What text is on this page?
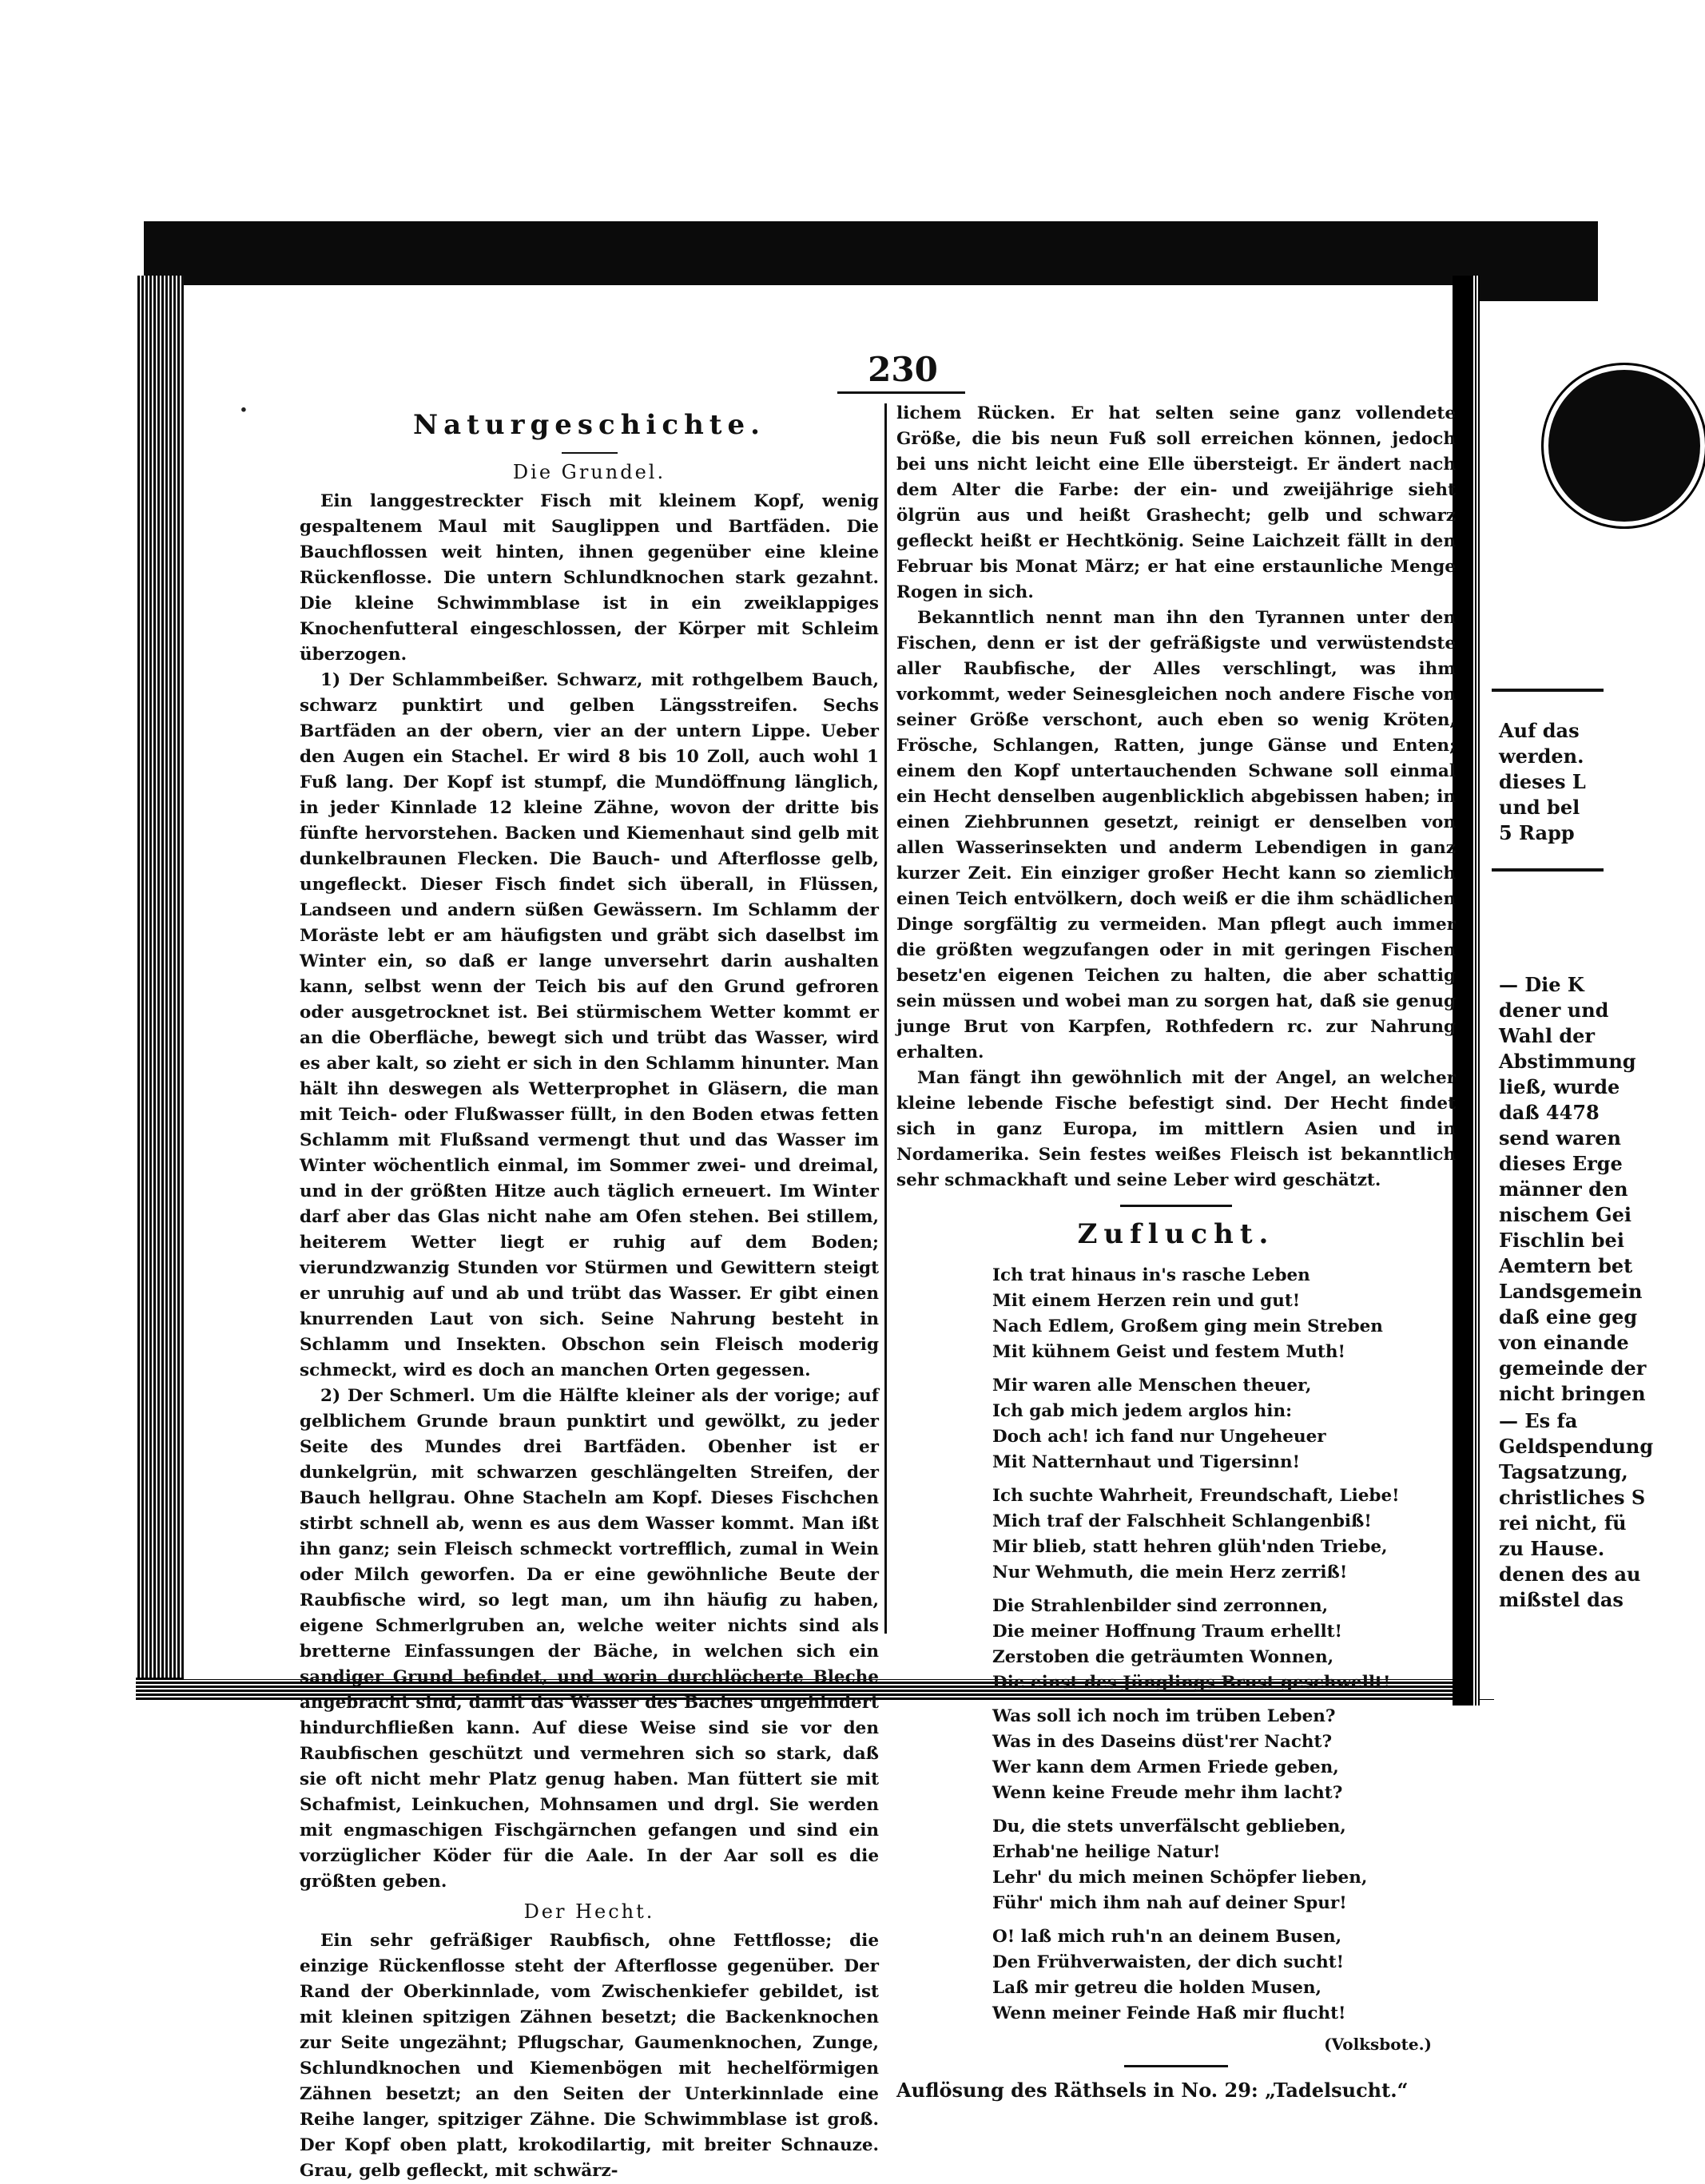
∙
230
Naturgeschichte.
Die Grundel.

Ein langgestreckter Fisch mit kleinem Kopf, wenig gespaltenem Maul mit Sauglippen und Bartfäden. Die Bauchflossen weit hinten, ihnen gegenüber eine kleine Rückenflosse. Die untern Schlundknochen stark gezahnt. Die kleine Schwimmblase ist in ein zweiklappiges Knochenfutteral eingeschlossen, der Körper mit Schleim überzogen.

1) Der Schlammbeißer. Schwarz, mit rothgelbem Bauch, schwarz punktirt und gelben Längsstreifen. Sechs Bartfäden an der obern, vier an der untern Lippe. Ueber den Augen ein Stachel. Er wird 8 bis 10 Zoll, auch wohl 1 Fuß lang. Der Kopf ist stumpf, die Mundöffnung länglich, in jeder Kinnlade 12 kleine Zähne, wovon der dritte bis fünfte hervorstehen. Backen und Kiemenhaut sind gelb mit dunkelbraunen Flecken. Die Bauch- und Afterflosse gelb, ungefleckt. Dieser Fisch findet sich überall, in Flüssen, Landseen und andern süßen Gewässern. Im Schlamm der Moräste lebt er am häufigsten und gräbt sich daselbst im Winter ein, so daß er lange unversehrt darin aushalten kann, selbst wenn der Teich bis auf den Grund gefroren oder ausgetrocknet ist. Bei stürmischem Wetter kommt er an die Oberfläche, bewegt sich und trübt das Wasser, wird es aber kalt, so zieht er sich in den Schlamm hinunter. Man hält ihn deswegen als Wetterprophet in Gläsern, die man mit Teich- oder Flußwasser füllt, in den Boden etwas fetten Schlamm mit Flußsand vermengt thut und das Wasser im Winter wöchentlich einmal, im Sommer zwei- und dreimal, und in der größten Hitze auch täglich erneuert. Im Winter darf aber das Glas nicht nahe am Ofen stehen. Bei stillem, heiterem Wetter liegt er ruhig auf dem Boden; vierundzwanzig Stunden vor Stürmen und Gewittern steigt er unruhig auf und ab und trübt das Wasser. Er gibt einen knurrenden Laut von sich. Seine Nahrung besteht in Schlamm und Insekten. Obschon sein Fleisch moderig schmeckt, wird es doch an manchen Orten gegessen.

2) Der Schmerl. Um die Hälfte kleiner als der vorige; auf gelblichem Grunde braun punktirt und gewölkt, zu jeder Seite des Mundes drei Bartfäden. Obenher ist er dunkelgrün, mit schwarzen geschlängelten Streifen, der Bauch hellgrau. Ohne Stacheln am Kopf. Dieses Fischchen stirbt schnell ab, wenn es aus dem Wasser kommt. Man ißt ihn ganz; sein Fleisch schmeckt vortrefflich, zumal in Wein oder Milch geworfen. Da er eine gewöhnliche Beute der Raubfische wird, so legt man, um ihn häufig zu haben, eigene Schmerlgruben an, welche weiter nichts sind als bretterne Einfassungen der Bäche, in welchen sich ein sandiger Grund befindet, und worin durchlöcherte Bleche angebracht sind, damit das Wasser des Baches ungehindert hindurchfließen kann. Auf diese Weise sind sie vor den Raubfischen geschützt und vermehren sich so stark, daß sie oft nicht mehr Platz genug haben. Man füttert sie mit Schafmist, Leinkuchen, Mohnsamen und drgl. Sie werden mit engmaschigen Fischgärnchen gefangen und sind ein vorzüglicher Köder für die Aale. In der Aar soll es die größten geben.

Der Hecht.

Ein sehr gefräßiger Raubfisch, ohne Fettflosse; die einzige Rückenflosse steht der Afterflosse gegenüber. Der Rand der Oberkinnlade, vom Zwischenkiefer gebildet, ist mit kleinen spitzigen Zähnen besetzt; die Backenknochen zur Seite ungezähnt; Pflugschar, Gaumenknochen, Zunge, Schlundknochen und Kiemenbögen mit hechelförmigen Zähnen besetzt; an den Seiten der Unterkinnlade eine Reihe langer, spitziger Zähne. Die Schwimmblase ist groß. Der Kopf oben platt, krokodilartig, mit breiter Schnauze. Grau, gelb gefleckt, mit schwärz-

lichem Rücken. Er hat selten seine ganz vollendete Größe, die bis neun Fuß soll erreichen können, jedoch bei uns nicht leicht eine Elle übersteigt. Er ändert nach dem Alter die Farbe: der ein- und zweijährige sieht ölgrün aus und heißt Grashecht; gelb und schwarz gefleckt heißt er Hechtkönig. Seine Laichzeit fällt in den Februar bis Monat März; er hat eine erstaunliche Menge Rogen in sich.

Bekanntlich nennt man ihn den Tyrannen unter den Fischen, denn er ist der gefräßigste und verwüstendste aller Raubfische, der Alles verschlingt, was ihm vorkommt, weder Seinesgleichen noch andere Fische von seiner Größe verschont, auch eben so wenig Kröten, Frösche, Schlangen, Ratten, junge Gänse und Enten; einem den Kopf untertauchenden Schwane soll einmal ein Hecht denselben augenblicklich abgebissen haben; in einen Ziehbrunnen gesetzt, reinigt er denselben von allen Wasserinsekten und anderm Lebendigen in ganz kurzer Zeit. Ein einziger großer Hecht kann so ziemlich einen Teich entvölkern, doch weiß er die ihm schädlichen Dinge sorgfältig zu vermeiden. Man pflegt auch immer die größten wegzufangen oder in mit geringen Fischen besetz'en eigenen Teichen zu halten, die aber schattig sein müssen und wobei man zu sorgen hat, daß sie genug junge Brut von Karpfen, Rothfedern rc. zur Nahrung erhalten.

Man fängt ihn gewöhnlich mit der Angel, an welcher kleine lebende Fische befestigt sind. Der Hecht findet sich in ganz Europa, im mittlern Asien und in Nordamerika. Sein festes weißes Fleisch ist bekanntlich sehr schmackhaft und seine Leber wird geschätzt.

Zuflucht.

Ich trat hinaus in's rasche Leben

Mit einem Herzen rein und gut!

Nach Edlem, Großem ging mein Streben

Mit kühnem Geist und festem Muth!

Mir waren alle Menschen theuer,

Ich gab mich jedem arglos hin:

Doch ach! ich fand nur Ungeheuer

Mit Natternhaut und Tigersinn!

Ich suchte Wahrheit, Freundschaft, Liebe!

Mich traf der Falschheit Schlangenbiß!

Mir blieb, statt hehren glüh'nden Triebe,

Nur Wehmuth, die mein Herz zerriß!

Die Strahlenbilder sind zerronnen,

Die meiner Hoffnung Traum erhellt!

Zerstoben die geträumten Wonnen,

Die einst des Jünglings Brust geschwellt!

Was soll ich noch im trüben Leben?

Was in des Daseins düst'rer Nacht?

Wer kann dem Armen Friede geben,

Wenn keine Freude mehr ihm lacht?

Du, die stets unverfälscht geblieben,

Erhab'ne heilige Natur!

Lehr' du mich meinen Schöpfer lieben,

Führ' mich ihm nah auf deiner Spur!

O! laß mich ruh'n an deinem Busen,

Den Frühverwaisten, der dich sucht!

Laß mir getreu die holden Musen,

Wenn meiner Feinde Haß mir flucht!

(Volksbote.)
Auflösung des Räthsels in No. 29: „Tadelsucht.“
Auf das
werden.
dieses L
und bel
5 Rapp
— Die K
dener und
Wahl der
Abstimmung
ließ, wurde
daß 4478
send waren
dieses Erge
männer den
nischem Gei
Fischlin bei
Aemtern bet
Landsgemein
daß eine geg
von einande
gemeinde der
nicht bringen
— Es fa
Geldspendung
Tagsatzung,
christliches S
rei nicht, fü
zu Hause.
denen des au
mißstel das
